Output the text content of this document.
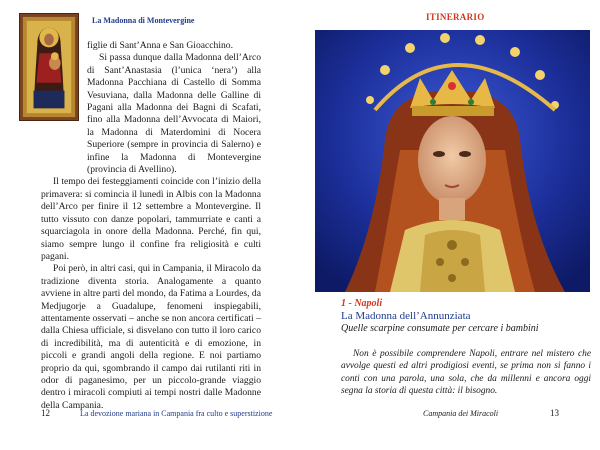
La Madonna di Montevergine

figlie di Sant’Anna e San Gioacchino.

Si passa dunque dalla Madonna dell’Arco di Sant’Anastasia (l’unica ‘nera’) alla Madonna Pacchiana di Castello di Somma Vesuviana, dalla Madonna delle Galline di Pagani alla Madonna dei Bagni di Scafati, fino alla Madonna dell’Avvocata di Maiori, la Madonna di Materdomini di Nocera Superiore (sempre in provincia di Salerno) e infine la Madonna di Montevergine (provincia di Avellino).

Il tempo dei festeggiamenti coincide con l’inizio della primavera: si comincia il lunedì in Albis con la Madonna dell’Arco per finire il 12 settembre a Montevergine. Il tutto vissuto con danze popolari, tammurriate e canti a squarciagola in onore della Madonna. Perché, fin qui, siamo sempre lungo il confine fra religiosità e culti pagani.

Poi però, in altri casi, qui in Campania, il Miracolo da tradizione diventa storia. Analogamente a quanto avviene in altre parti del mondo, da Fatima a Lourdes, da Medjugorje a Guadalupe, fenomeni inspiegabili, attentamente osservati – anche se non ancora certificati – dalla Chiesa ufficiale, si disvelano con tutto il loro carico di incredibilità, ma di autenticità e di emozione, in piccoli e grandi angoli della regione. E noi partiamo proprio da qui, sgombrando il campo dai rutilanti riti in odor di paganesimo, per un piccolo-grande viaggio dentro i miracoli compiuti ai tempi nostri dalle Madonne della Campania.

12	La devozione mariana in Campania fra culto e superstizione
ITINERARIO
1 - Napoli
La Madonna dell’Annunziata
Quelle scarpine consumate per cercare i bambini

Non è possibile comprendere Napoli, entrare nel mistero che avvolge questi ed altri prodigiosi eventi, se prima non si fanno i conti con una parola, una sola, che da millenni e ancora oggi segna la storia di questa città: il bisogno.

Campania dei Miracoli	13
